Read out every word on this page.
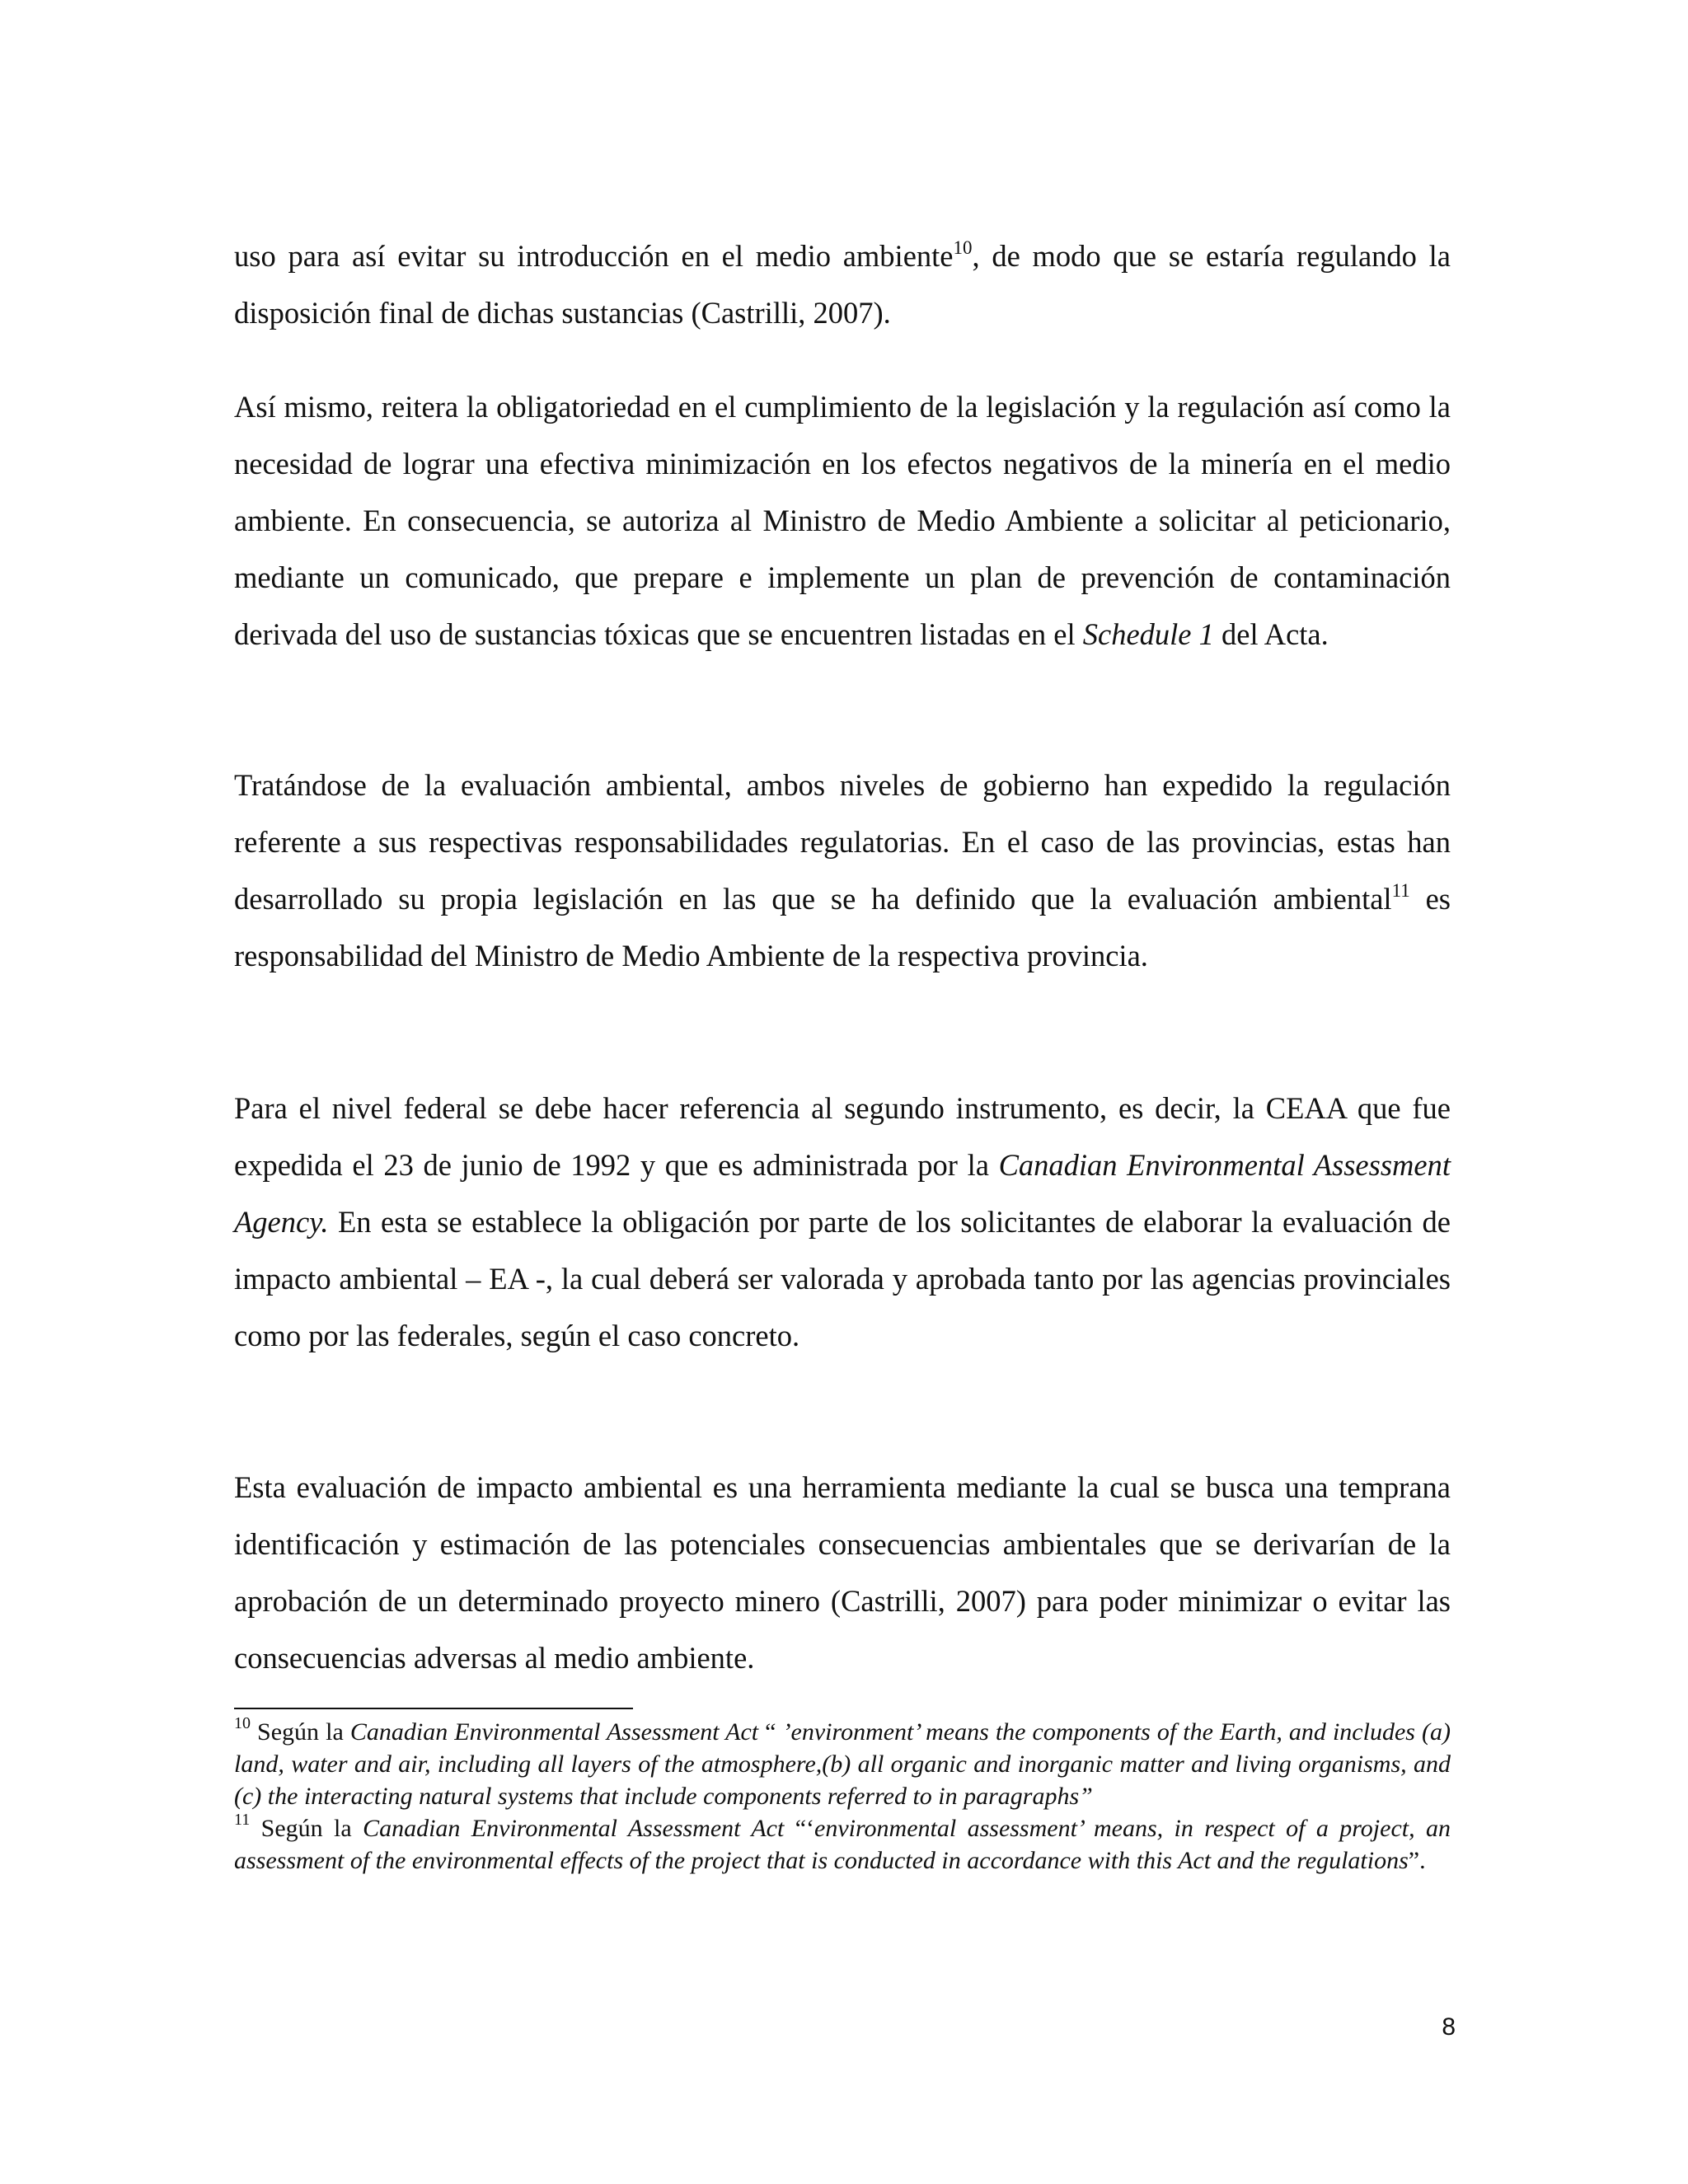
uso para así evitar su introducción en el medio ambiente$^{10}$, de modo que se estaría regulando la disposición final de dichas sustancias (Castrilli, 2007).

Así mismo, reitera la obligatoriedad en el cumplimiento de la legislación y la regulación así como la necesidad de lograr una efectiva minimización en los efectos negativos de la minería en el medio ambiente. En consecuencia, se autoriza al Ministro de Medio Ambiente a solicitar al peticionario, mediante un comunicado, que prepare e implemente un plan de prevención de contaminación derivada del uso de sustancias tóxicas que se encuentren listadas en el Schedule 1 del Acta.

Tratándose de la evaluación ambiental, ambos niveles de gobierno han expedido la regulación referente a sus respectivas responsabilidades regulatorias. En el caso de las provincias, estas han desarrollado su propia legislación en las que se ha definido que la evaluación ambiental$^{11}$ es responsabilidad del Ministro de Medio Ambiente de la respectiva provincia.

Para el nivel federal se debe hacer referencia al segundo instrumento, es decir, la CEAA que fue expedida el 23 de junio de 1992 y que es administrada por la Canadian Environmental Assessment Agency. En esta se establece la obligación por parte de los solicitantes de elaborar la evaluación de impacto ambiental – EA -, la cual deberá ser valorada y aprobada tanto por las agencias provinciales como por las federales, según el caso concreto.

Esta evaluación de impacto ambiental es una herramienta mediante la cual se busca una temprana identificación y estimación de las potenciales consecuencias ambientales que se derivarían de la aprobación de un determinado proyecto minero (Castrilli, 2007) para poder minimizar o evitar las consecuencias adversas al medio ambiente.

$^{10}$ Según la Canadian Environmental Assessment Act “ ’environment’ means the components of the Earth, and includes (a) land, water and air, including all layers of the atmosphere,(b) all organic and inorganic matter and living organisms, and (c) the interacting natural systems that include components referred to in paragraphs”

$^{11}$ Según la Canadian Environmental Assessment Act “‘environmental assessment’ means, in respect of a project, an assessment of the environmental effects of the project that is conducted in accordance with this Act and the regulations”.

8
